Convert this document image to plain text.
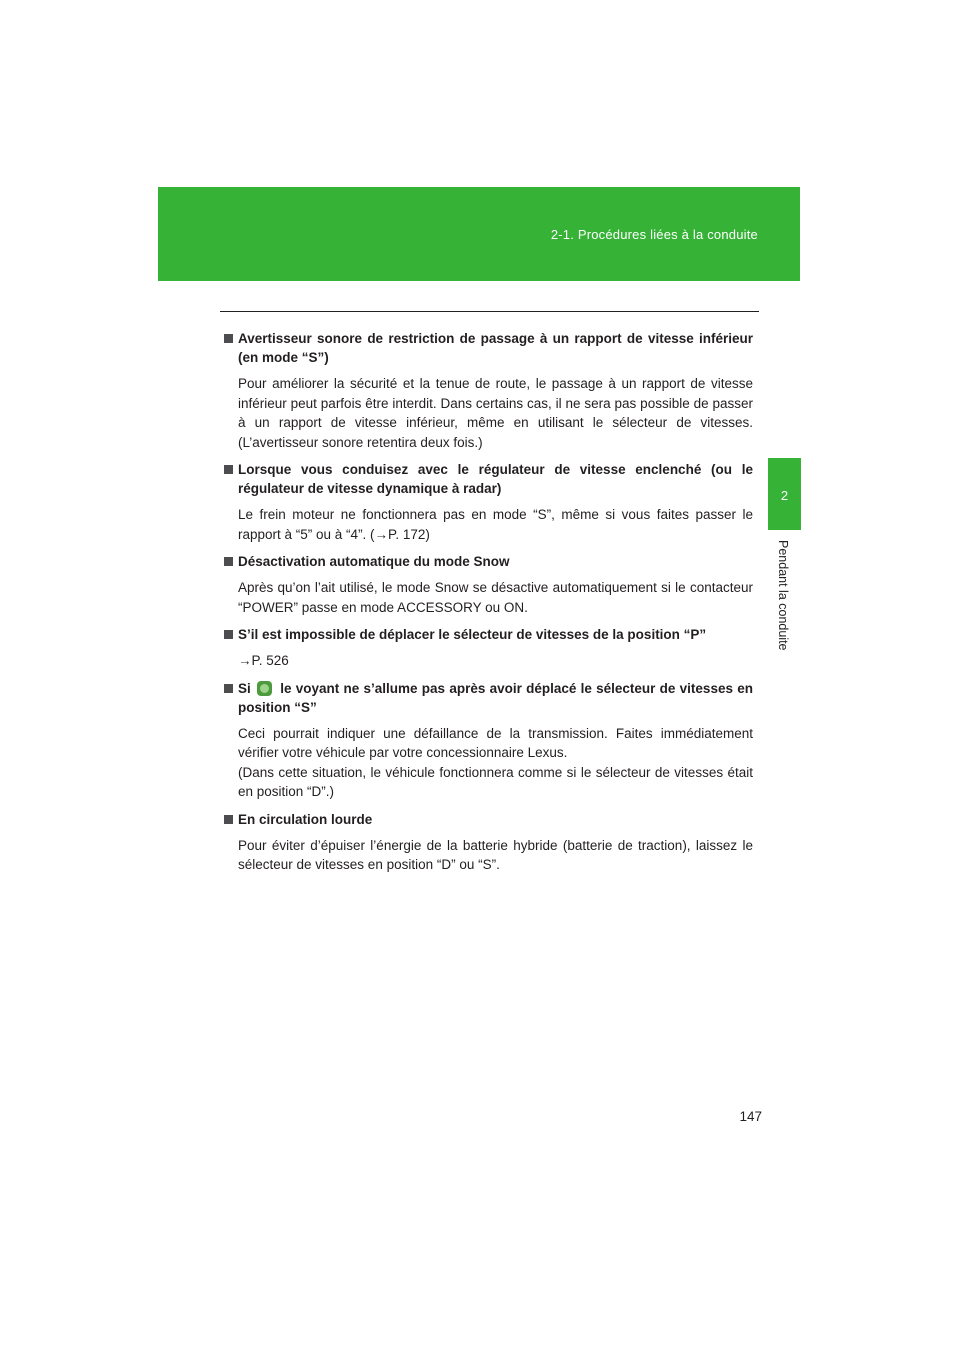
2-1. Procédures liées à la conduite
2
Pendant la conduite
Avertisseur sonore de restriction de passage à un rapport de vitesse inférieur (en mode “S”)

Pour améliorer la sécurité et la tenue de route, le passage à un rapport de vitesse inférieur peut parfois être interdit. Dans certains cas, il ne sera pas possible de passer à un rapport de vitesse inférieur, même en utilisant le sélecteur de vitesses. (L’avertisseur sonore retentira deux fois.)

Lorsque vous conduisez avec le régulateur de vitesse enclenché (ou le régulateur de vitesse dynamique à radar)

Le frein moteur ne fonctionnera pas en mode “S”, même si vous faites passer le rapport à “5” ou à “4”. (→P. 172)

Désactivation automatique du mode Snow

Après qu’on l’ait utilisé, le mode Snow se désactive automatiquement si le contacteur “POWER” passe en mode ACCESSORY ou ON.

S’il est impossible de déplacer le sélecteur de vitesses de la position “P”

→P. 526

Si le voyant ne s’allume pas après avoir déplacé le sélecteur de vitesses en position “S”

Ceci pourrait indiquer une défaillance de la transmission. Faites immédiatement vérifier votre véhicule par votre concessionnaire Lexus.

(Dans cette situation, le véhicule fonctionnera comme si le sélecteur de vitesses était en position “D”.)

En circulation lourde

Pour éviter d’épuiser l’énergie de la batterie hybride (batterie de traction), laissez le sélecteur de vitesses en position “D” ou “S”.

147
